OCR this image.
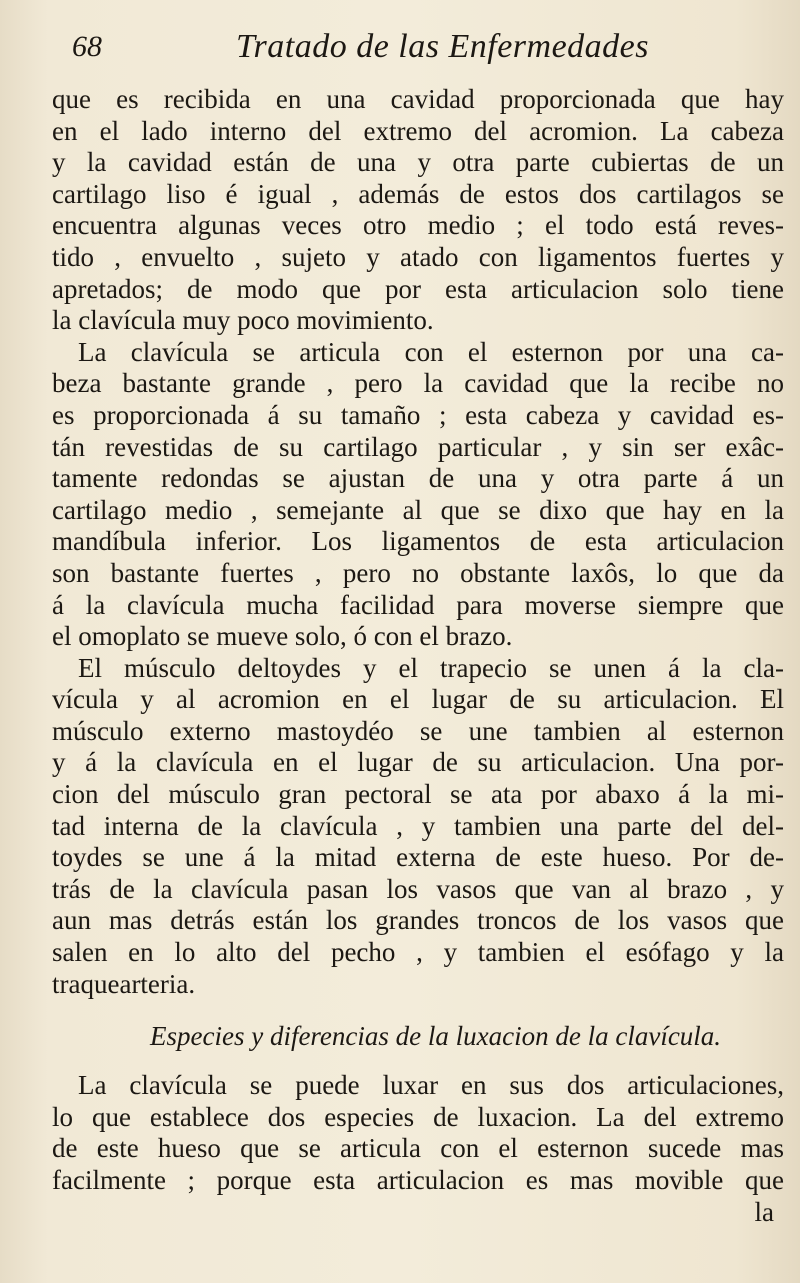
68	Tratado de las Enfermedades
que es recibida en una cavidad proporcionada que hay
en el lado interno del extremo del acromion. La cabeza
y la cavidad están de una y otra parte cubiertas de un
cartilago liso é igual , además de estos dos cartilagos se
encuentra algunas veces otro medio ; el todo está reves-
tido , envuelto , sujeto y atado con ligamentos fuertes y
apretados; de modo que por esta articulacion solo tiene
la clavícula muy poco movimiento.
La clavícula se articula con el esternon por una ca-
beza bastante grande , pero la cavidad que la recibe no
es proporcionada á su tamaño ; esta cabeza y cavidad es-
tán revestidas de su cartilago particular , y sin ser exâc-
tamente redondas se ajustan de una y otra parte á un
cartilago medio , semejante al que se dixo que hay en la
mandíbula inferior. Los ligamentos de esta articulacion
son bastante fuertes , pero no obstante laxôs, lo que da
á la clavícula mucha facilidad para moverse siempre que
el omoplato se mueve solo, ó con el brazo.
El músculo deltoydes y el trapecio se unen á la cla-
vícula y al acromion en el lugar de su articulacion. El
músculo externo mastoydéo se une tambien al esternon
y á la clavícula en el lugar de su articulacion. Una por-
cion del músculo gran pectoral se ata por abaxo á la mi-
tad interna de la clavícula , y tambien una parte del del-
toydes se une á la mitad externa de este hueso. Por de-
trás de la clavícula pasan los vasos que van al brazo , y
aun mas detrás están los grandes troncos de los vasos que
salen en lo alto del pecho , y tambien el esófago y la
traquearteria.
Especies y diferencias de la luxacion de la clavícula.
La clavícula se puede luxar en sus dos articulaciones,
lo que establece dos especies de luxacion. La del extremo
de este hueso que se articula con el esternon sucede mas
facilmente ; porque esta articulacion es mas movible que
la
